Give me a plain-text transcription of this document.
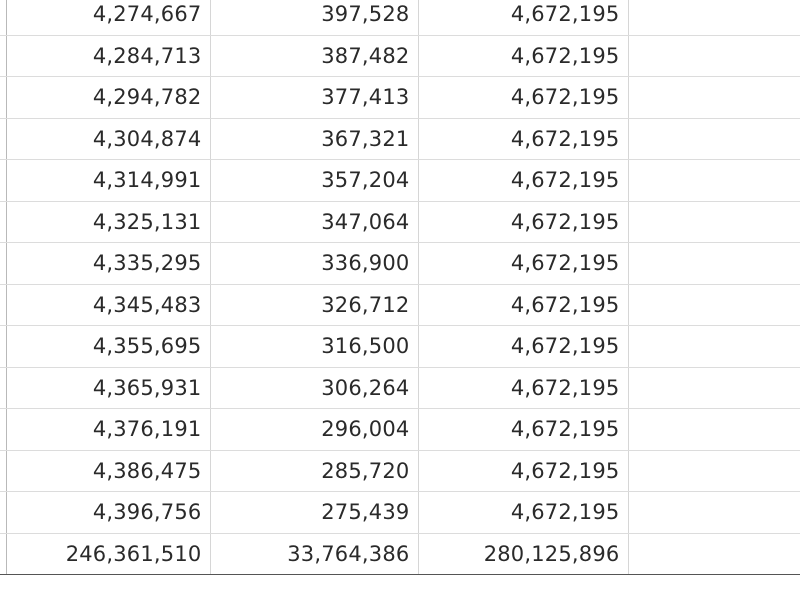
	4,274,667	397,528	4,672,195	
	4,284,713	387,482	4,672,195	
	4,294,782	377,413	4,672,195	
	4,304,874	367,321	4,672,195	
	4,314,991	357,204	4,672,195	
	4,325,131	347,064	4,672,195	
	4,335,295	336,900	4,672,195	
	4,345,483	326,712	4,672,195	
	4,355,695	316,500	4,672,195	
	4,365,931	306,264	4,672,195	
	4,376,191	296,004	4,672,195	
	4,386,475	285,720	4,672,195	
	4,396,756	275,439	4,672,195	
	246,361,510	33,764,386	280,125,896	
